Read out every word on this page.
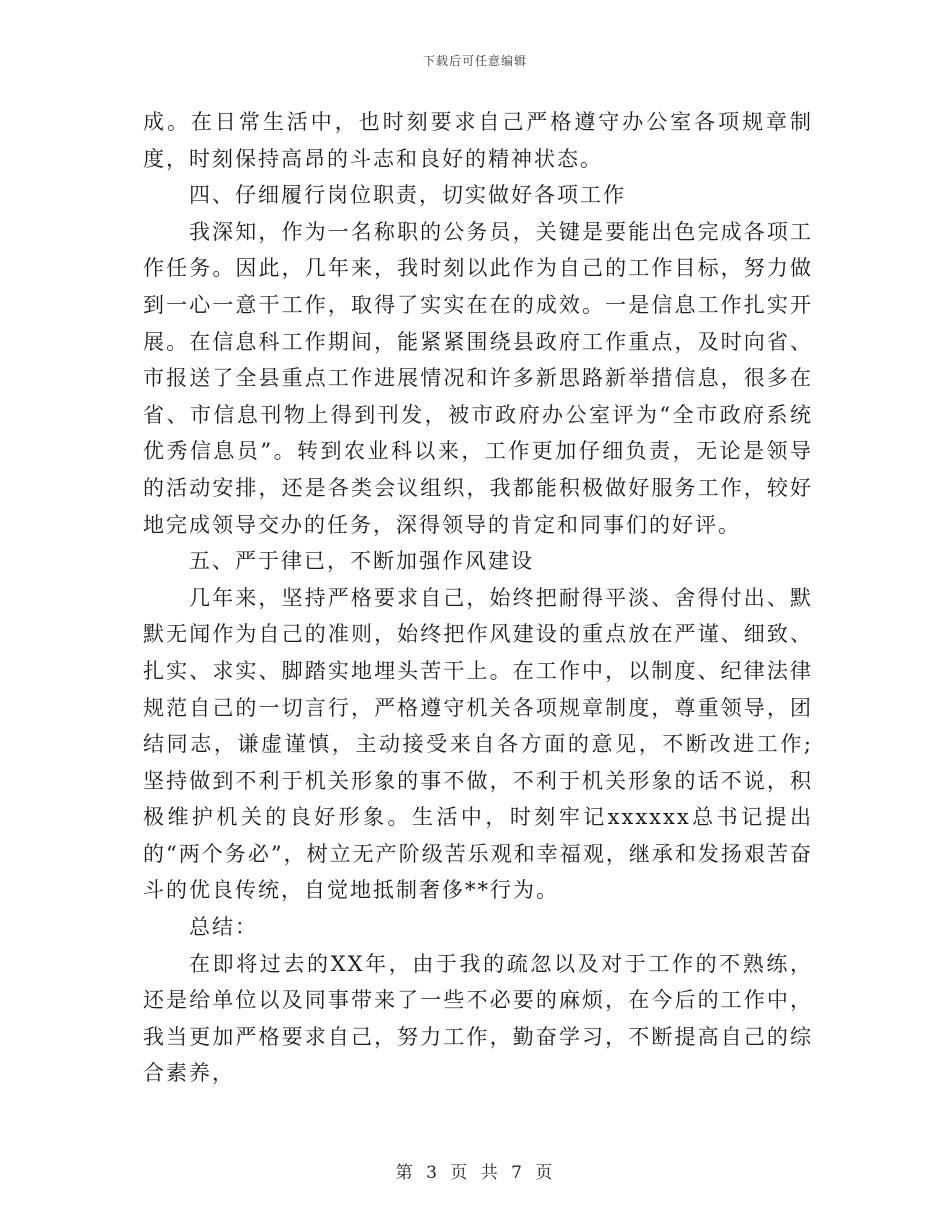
下载后可任意编辑

成。在日常生活中，也时刻要求自己严格遵守办公室各项规章制度，时刻保持高昂的斗志和良好的精神状态。

四、仔细履行岗位职责，切实做好各项工作

我深知，作为一名称职的公务员，关键是要能出色完成各项工作任务。因此，几年来，我时刻以此作为自己的工作目标，努力做到一心一意干工作，取得了实实在在的成效。一是信息工作扎实开展。在信息科工作期间，能紧紧围绕县政府工作重点，及时向省、市报送了全县重点工作进展情况和许多新思路新举措信息，很多在省、市信息刊物上得到刊发，被市政府办公室评为“全市政府系统优秀信息员”。转到农业科以来，工作更加仔细负责，无论是领导的活动安排，还是各类会议组织，我都能积极做好服务工作，较好地完成领导交办的任务，深得领导的肯定和同事们的好评。

五、严于律已，不断加强作风建设

几年来，坚持严格要求自己，始终把耐得平淡、舍得付出、默默无闻作为自己的准则，始终把作风建设的重点放在严谨、细致、扎实、求实、脚踏实地埋头苦干上。在工作中，以制度、纪律法律规范自己的一切言行，严格遵守机关各项规章制度，尊重领导，团结同志，谦虚谨慎，主动接受来自各方面的意见，不断改进工作;坚持做到不利于机关形象的事不做，不利于机关形象的话不说，积极维护机关的良好形象。生活中，时刻牢记xxxxxx总书记提出的“两个务必”，树立无产阶级苦乐观和幸福观，继承和发扬艰苦奋斗的优良传统，自觉地抵制奢侈**行为。

总结：

在即将过去的XX年，由于我的疏忽以及对于工作的不熟练，还是给单位以及同事带来了一些不必要的麻烦，在今后的工作中，我当更加严格要求自己，努力工作，勤奋学习，不断提高自己的综合素养，

第 3 页 共 7 页
